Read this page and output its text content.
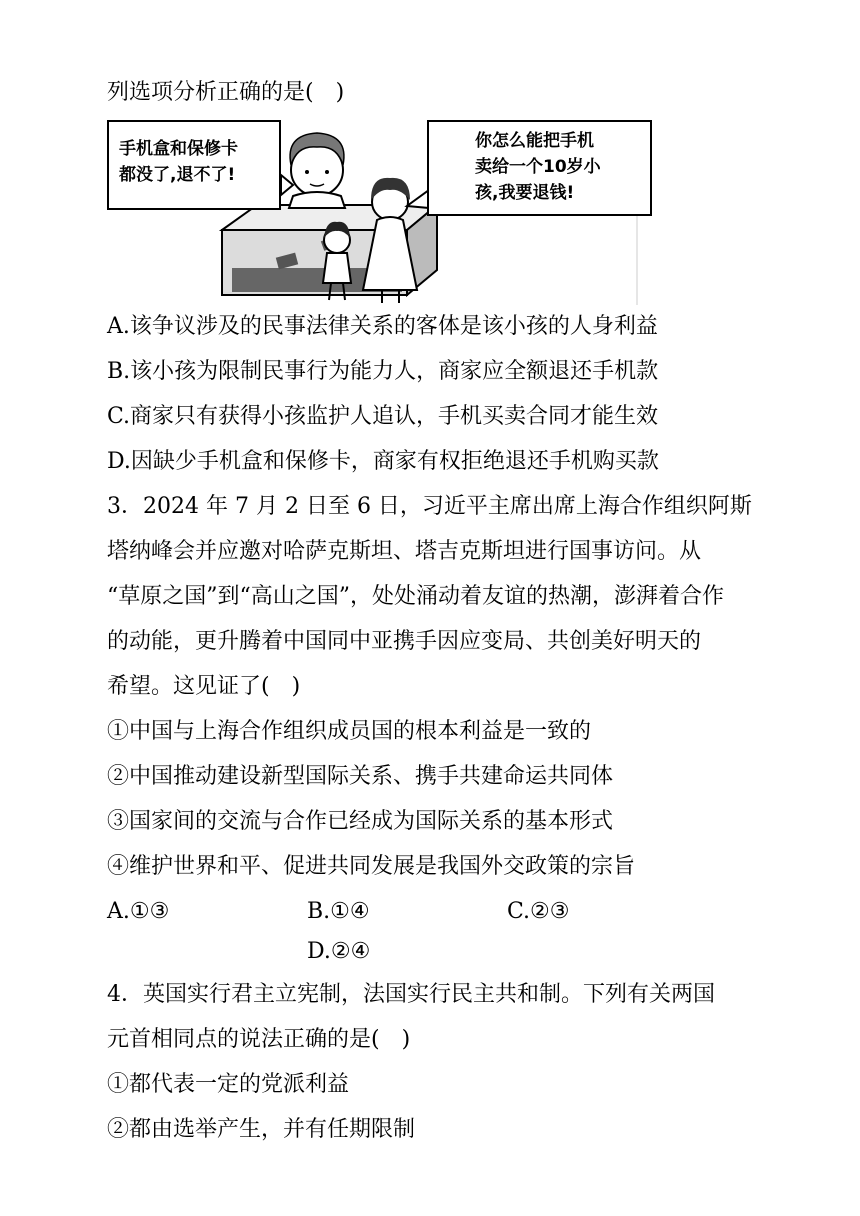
列选项分析正确的是(　)
手机盒和保修卡
都没了,退不了!
你怎么能把手机
卖给一个10岁小
孩,我要退钱!
A.该争议涉及的民事法律关系的客体是该小孩的人身利益
B.该小孩为限制民事行为能力人，商家应全额退还手机款
C.商家只有获得小孩监护人追认，手机买卖合同才能生效
D.因缺少手机盒和保修卡，商家有权拒绝退还手机购买款
3．2024 年 7 月 2 日至 6 日，习近平主席出席上海合作组织阿斯
塔纳峰会并应邀对哈萨克斯坦、塔吉克斯坦进行国事访问。从
“草原之国”到“高山之国”，处处涌动着友谊的热潮，澎湃着合作
的动能，更升腾着中国同中亚携手因应变局、共创美好明天的
希望。这见证了(　)
①中国与上海合作组织成员国的根本利益是一致的
②中国推动建设新型国际关系、携手共建命运共同体
③国家间的交流与合作已经成为国际关系的基本形式
④维护世界和平、促进共同发展是我国外交政策的宗旨
A.①③	B.①④	C.②③
D.②④
4．英国实行君主立宪制，法国实行民主共和制。下列有关两国
元首相同点的说法正确的是(　)
①都代表一定的党派利益
②都由选举产生，并有任期限制
